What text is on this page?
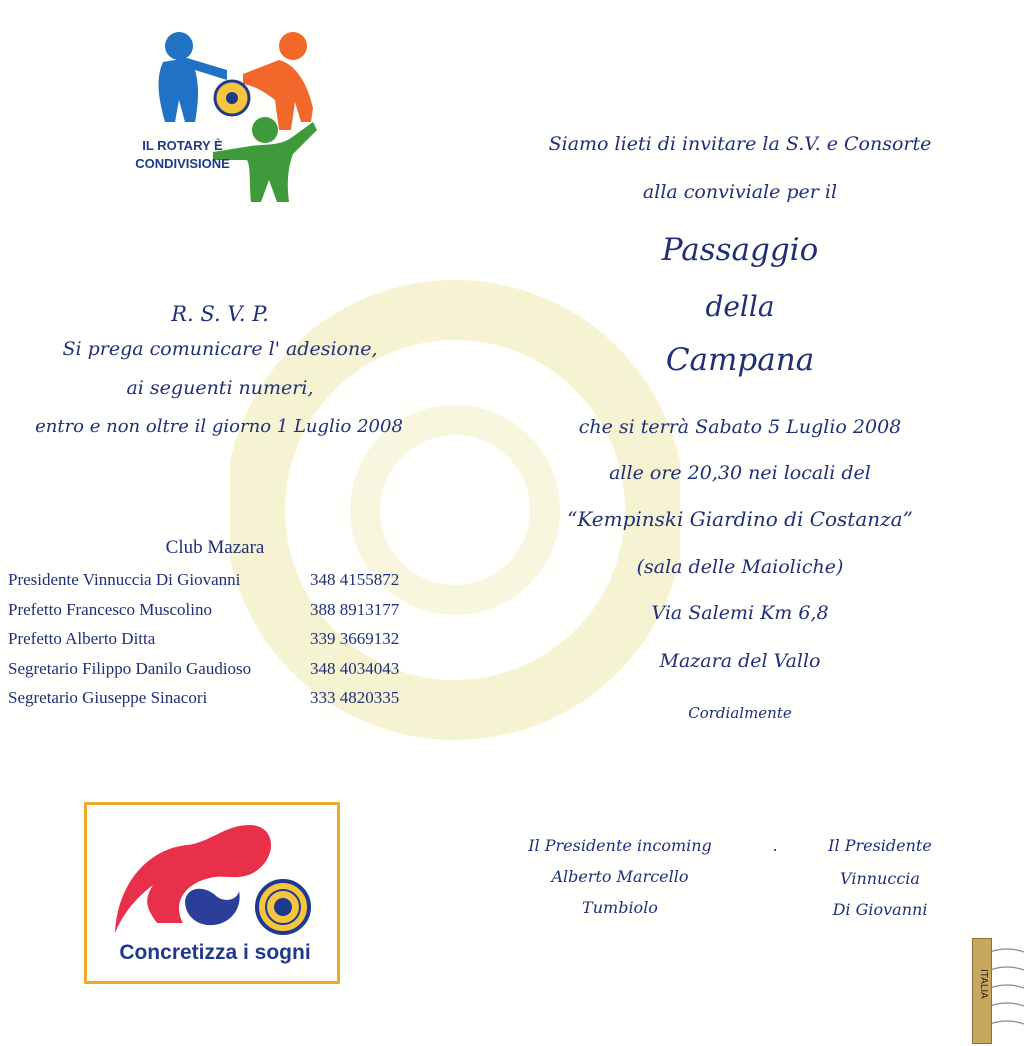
IL ROTARY È
CONDIVISIONE
R. S. V. P.
Si prega comunicare l' adesione,
ai seguenti numeri,
entro e non oltre il giorno 1 Luglio 2008
Club Mazara
Presidente Vinnuccia Di Giovanni	348 4155872
Prefetto Francesco Muscolino	388 8913177
Prefetto Alberto Ditta	339 3669132
Segretario Filippo Danilo Gaudioso	348 4034043
Segretario Giuseppe Sinacori	333 4820335
Concretizza i sogni
Siamo lieti di invitare la S.V. e Consorte
alla conviviale per il
Passaggio
della
Campana
che si terrà Sabato 5 Luglio 2008
alle ore 20,30 nei locali del
“Kempinski Giardino di Costanza”
(sala delle Maioliche)
Via Salemi Km 6,8
Mazara del Vallo
Cordialmente
Il Presidente incoming
Alberto Marcello
Tumbiolo
.	Il Presidente
Vinnuccia
Di Giovanni
ITALIA
